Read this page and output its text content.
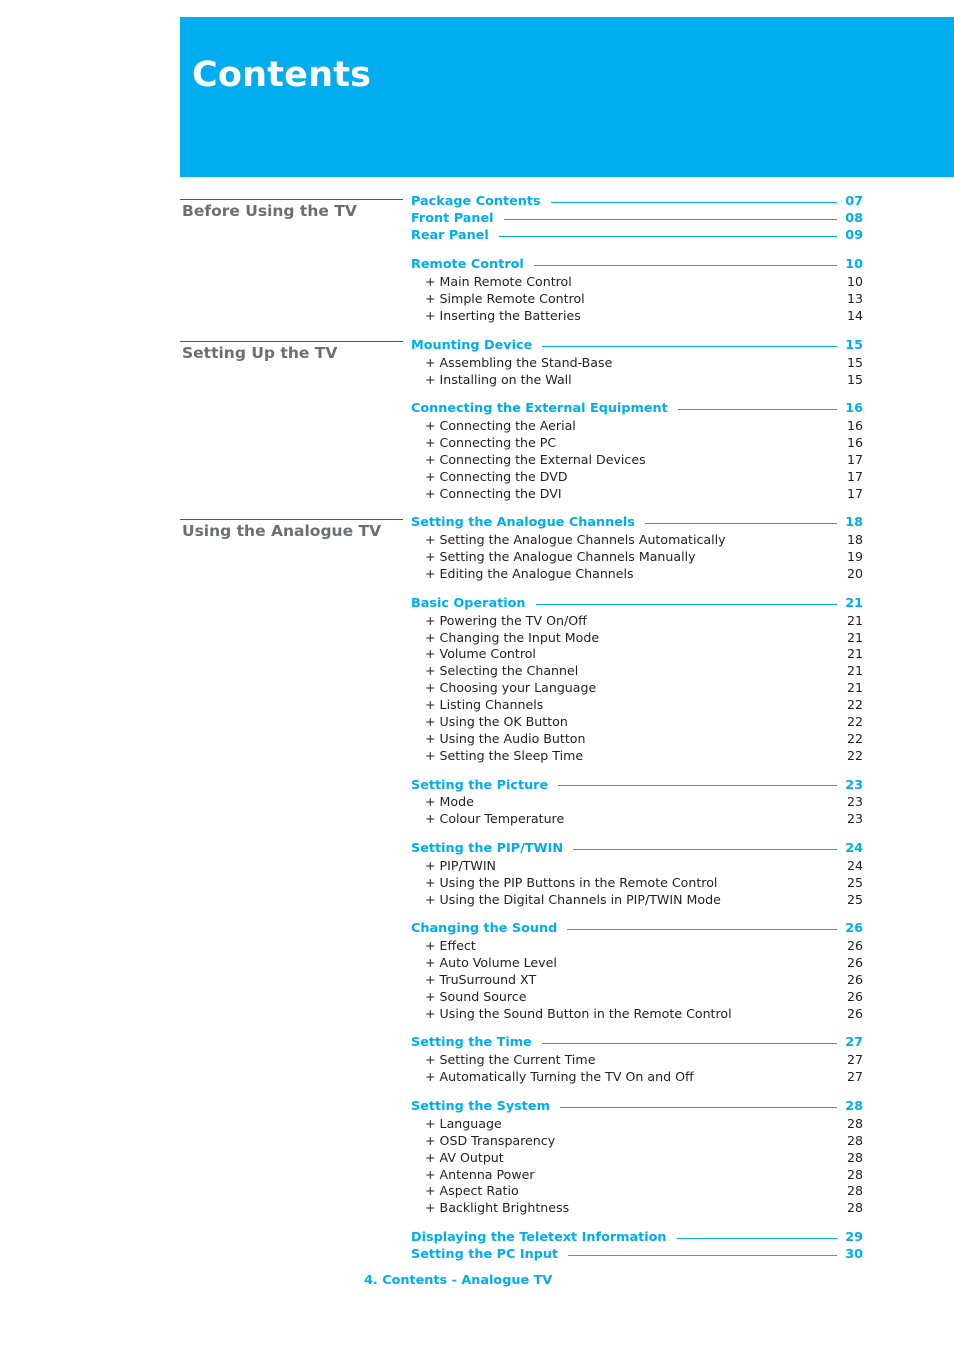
Contents
Before Using the TV
Setting Up the TV
Using the Analogue TV
Package Contents	07
Front Panel	08
Rear Panel	09
Remote Control	10
+ Main Remote Control	10
+ Simple Remote Control	13
+ Inserting the Batteries	14
Mounting Device	15
+ Assembling the Stand-Base	15
+ Installing on the Wall	15
Connecting the External Equipment	16
+ Connecting the Aerial	16
+ Connecting the PC	16
+ Connecting the External Devices	17
+ Connecting the DVD	17
+ Connecting the DVI	17
Setting the Analogue Channels	18
+ Setting the Analogue Channels Automatically	18
+ Setting the Analogue Channels Manually	19
+ Editing the Analogue Channels	20
Basic Operation	21
+ Powering the TV On/Off	21
+ Changing the Input Mode	21
+ Volume Control	21
+ Selecting the Channel	21
+ Choosing your Language	21
+ Listing Channels	22
+ Using the OK Button	22
+ Using the Audio Button	22
+ Setting the Sleep Time	22
Setting the Picture	23
+ Mode	23
+ Colour Temperature	23
Setting the PIP/TWIN	24
+ PIP/TWIN	24
+ Using the PIP Buttons in the Remote Control	25
+ Using the Digital Channels in PIP/TWIN Mode	25
Changing the Sound	26
+ Effect	26
+ Auto Volume Level	26
+ TruSurround XT	26
+ Sound Source	26
+ Using the Sound Button in the Remote Control	26
Setting the Time	27
+ Setting the Current Time	27
+ Automatically Turning the TV On and Off	27
Setting the System	28
+ Language	28
+ OSD Transparency	28
+ AV Output	28
+ Antenna Power	28
+ Aspect Ratio	28
+ Backlight Brightness	28
Displaying the Teletext Information	29
Setting the PC Input	30

4. Contents - Analogue TV
